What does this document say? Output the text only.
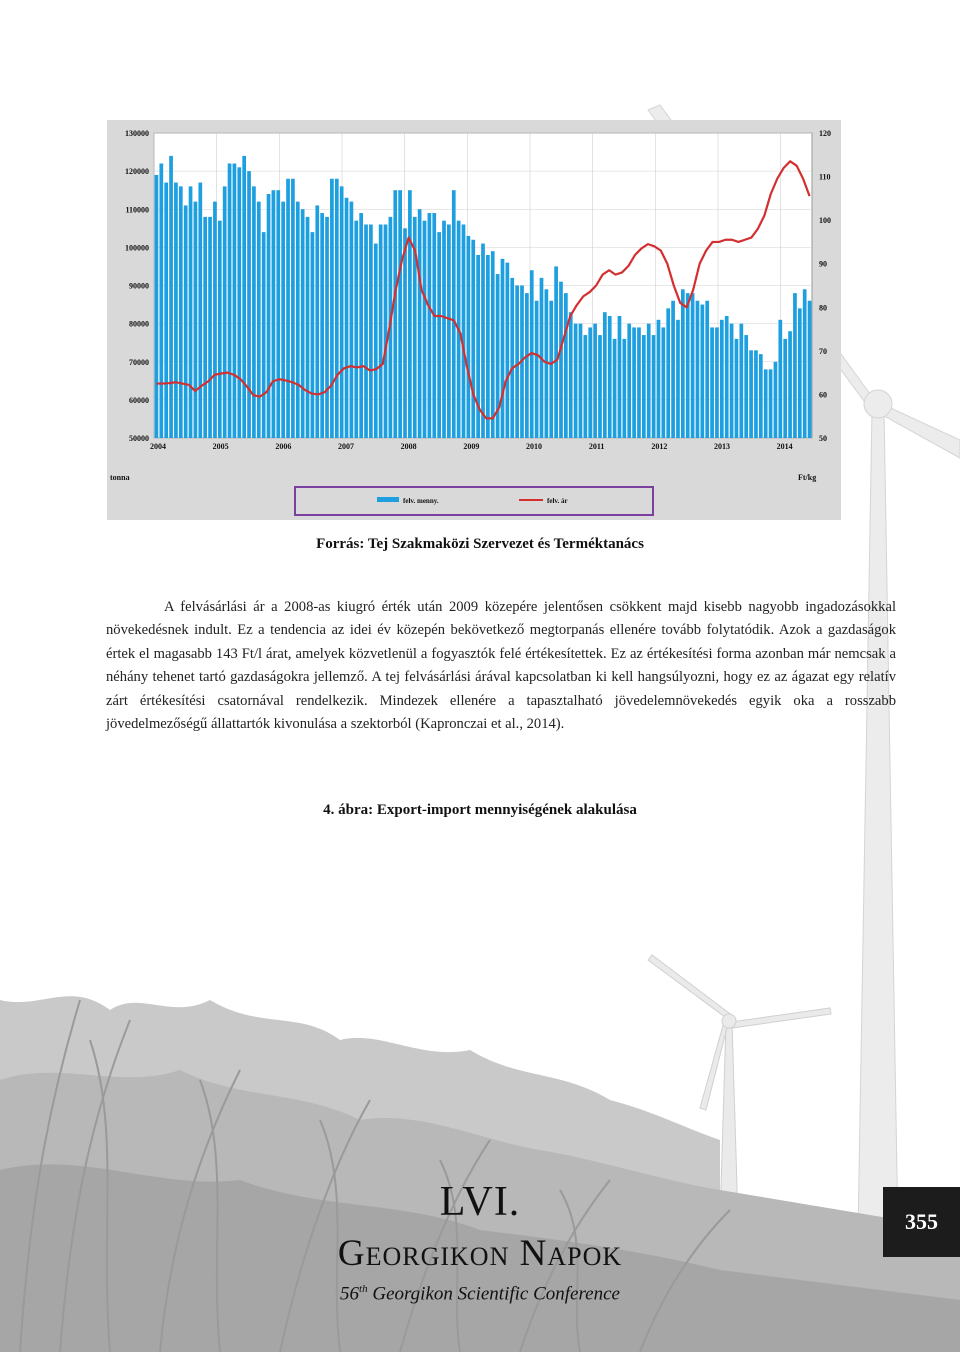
130000
120000
110000
100000
90000
80000
70000
60000
50000
120
110
100
90
80
70
60
50
2004	2005	2006	2007	2008	2009	2010	2011	2012	2013	2014
tonna	Ft/kg
felv. menny.	felv. ár
Forrás: Tej Szakmaközi Szervezet és Terméktanács

A felvásárlási ár a 2008-as kiugró érték után 2009 közepére jelentősen csökkent majd kisebb nagyobb ingadozásokkal növekedésnek indult. Ez a tendencia az idei év közepén bekövetkező megtorpanás ellenére tovább folytatódik. Azok a gazdaságok értek el magasabb 143 Ft/l árat, amelyek közvetlenül a fogyasztók felé értékesítettek. Ez az értékesítési forma azonban már nemcsak a néhány tehenet tartó gazdaságokra jellemző. A tej felvásárlási árával kapcsolatban ki kell hangsúlyozni, hogy ez az ágazat egy relatív zárt értékesítési csatornával rendelkezik. Mindezek ellenére a tapasztalható jövedelemnövekedés egyik oka a rosszabb jövedelmezőségű állattartók kivonulása a szektorból (Kapronczai et al., 2014).

4. ábra: Export-import mennyiségének alakulása
LVI.
Georgikon Napok
56th Georgikon Scientific Conference
355
